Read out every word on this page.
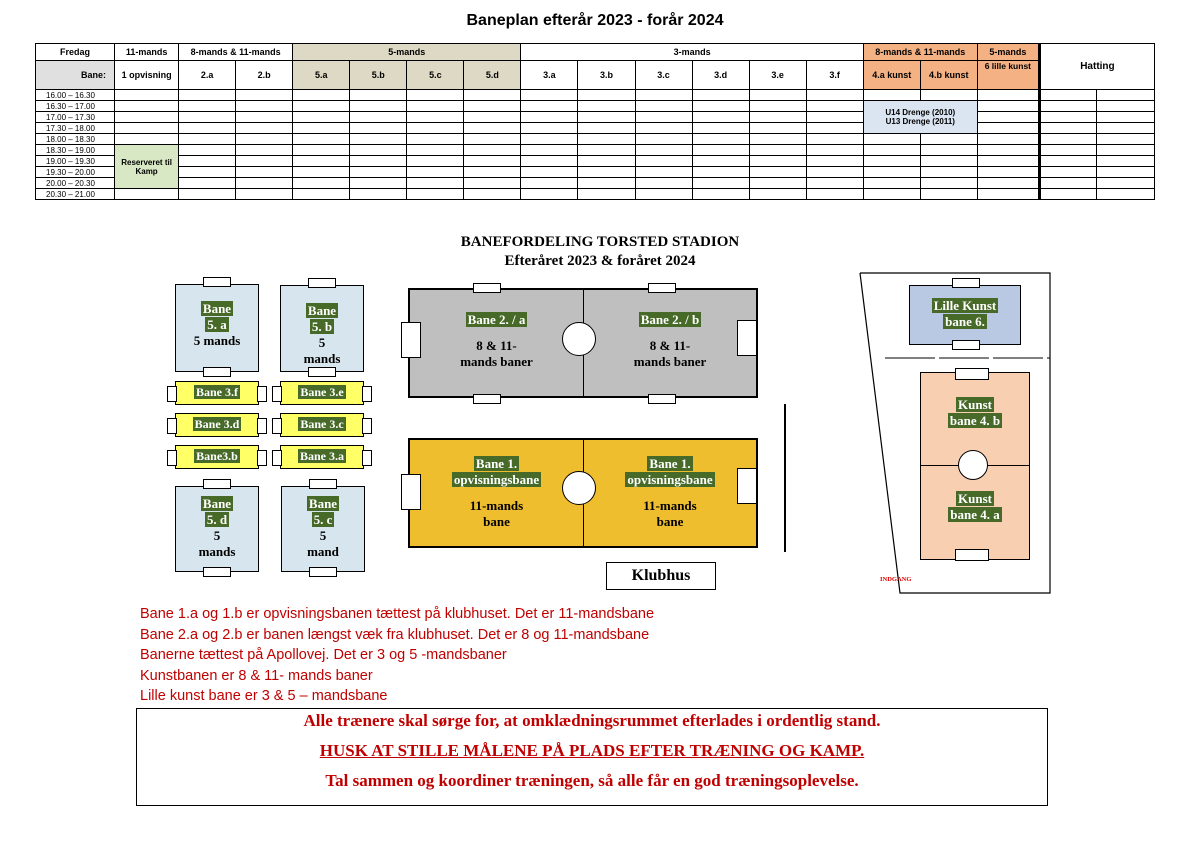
Baneplan efterår 2023 - forår 2024
Fredag	11-mands	8-mands & 11-mands		5-mands				3-mands						8-mands & 11-mands		5-mands	Hatting	
Bane:	1 opvisning	2.a	2.b	5.a	5.b	5.c	5.d	3.a	3.b	3.c	3.d	3.e	3.f	4.a kunst	4.b kunst	6 lille kunst		
16.00 – 16.30																		
16.30 – 17.00														U14 Drenge (2010)
U13 Drenge (2011)				

17.00 – 17.30																		
17.30 – 18.00																		
18.00 – 18.30																		
18.30 – 19.00	Reserveret til Kamp																	
19.00 – 19.30																		
19.30 – 20.00																		
20.00 – 20.30																		
20.30 – 21.00																		
BANEFORDELING TORSTED STADION
Efteråret 2023 & foråret 2024
Bane
5. a
5 mands
Bane
5. b
5
mands
Bane
5. d
5
mands
Bane
5. c
5
mand
Bane 3.f	Bane 3.e
Bane 3.d	Bane 3.c
Bane3.b	Bane 3.a
Bane 2. / a
8 & 11-
mands baner
Bane 2. / b
8 & 11-
mands baner
Bane 1.
opvisningsbane
11-mands
bane
Bane 1.
opvisningsbane
11-mands
bane
Klubhus
Lille Kunst
bane 6.
Kunst
bane 4. b
Kunst
bane 4. a
INDGANG
Bane 1.a og 1.b er opvisningsbanen tættest på klubhuset. Det er 11-mandsbane
Bane 2.a og 2.b er banen længst væk fra klubhuset. Det er 8 og 11-mandsbane
Banerne tættest på Apollovej. Det er 3 og 5 -mandsbaner
Kunstbanen er 8 & 11- mands baner
Lille kunst bane er 3 & 5 – mandsbane
Alle trænere skal sørge for, at omklædningsrummet efterlades i ordentlig stand.
HUSK AT STILLE MÅLENE PÅ PLADS EFTER TRÆNING OG KAMP.
Tal sammen og koordiner træningen, så alle får en god træningsoplevelse.
